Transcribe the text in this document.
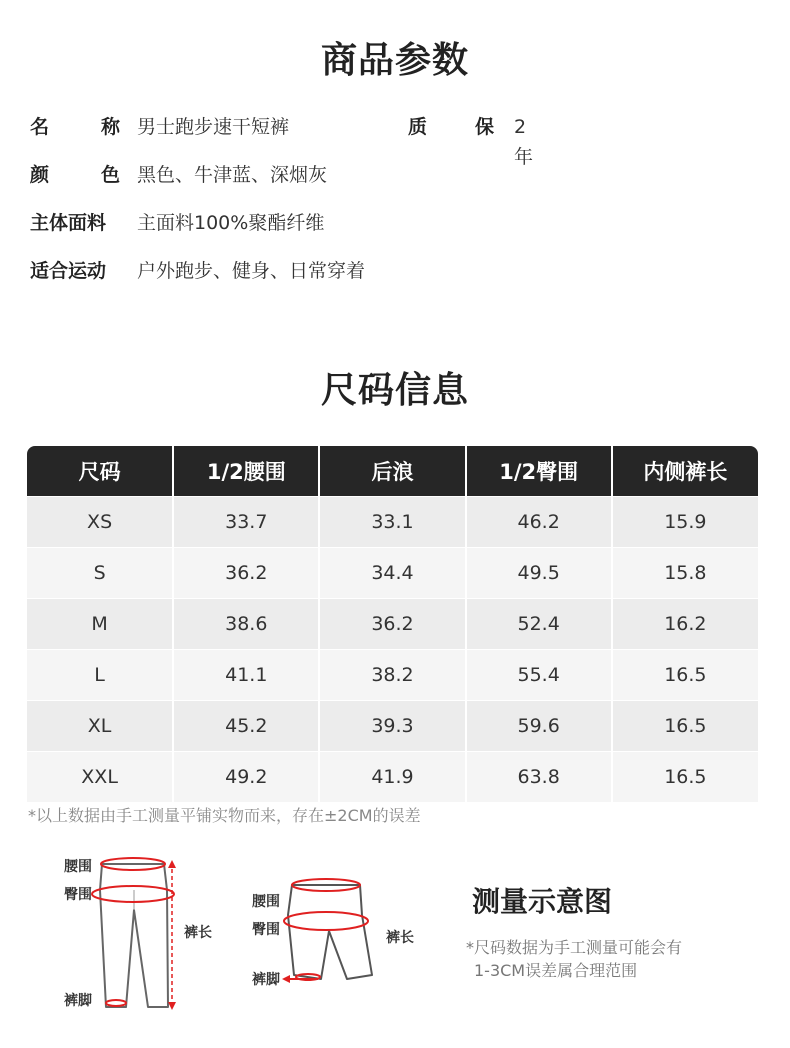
商品参数
名	称 男士跑步速干短裤	质	保 2年
颜	色 黑色、牛津蓝、深烟灰
主体面料	主面料100%聚酯纤维
适合运动	户外跑步、健身、日常穿着
尺码信息
尺码	1/2腰围	后浪	1/2臀围	内侧裤长
XS	33.7	33.1	46.2	15.9
S	36.2	34.4	49.5	15.8
M	38.6	36.2	52.4	16.2
L	41.1	38.2	55.4	16.5
XL	45.2	39.3	59.6	16.5
XXL	49.2	41.9	63.8	16.5
*以上数据由手工测量平铺实物而来，存在±2CM的误差
腰围
臀围
裤长
裤脚
腰围
臀围	裤长
裤脚
测量示意图
*尺码数据为手工测量可能会有
1-3CM误差属合理范围
